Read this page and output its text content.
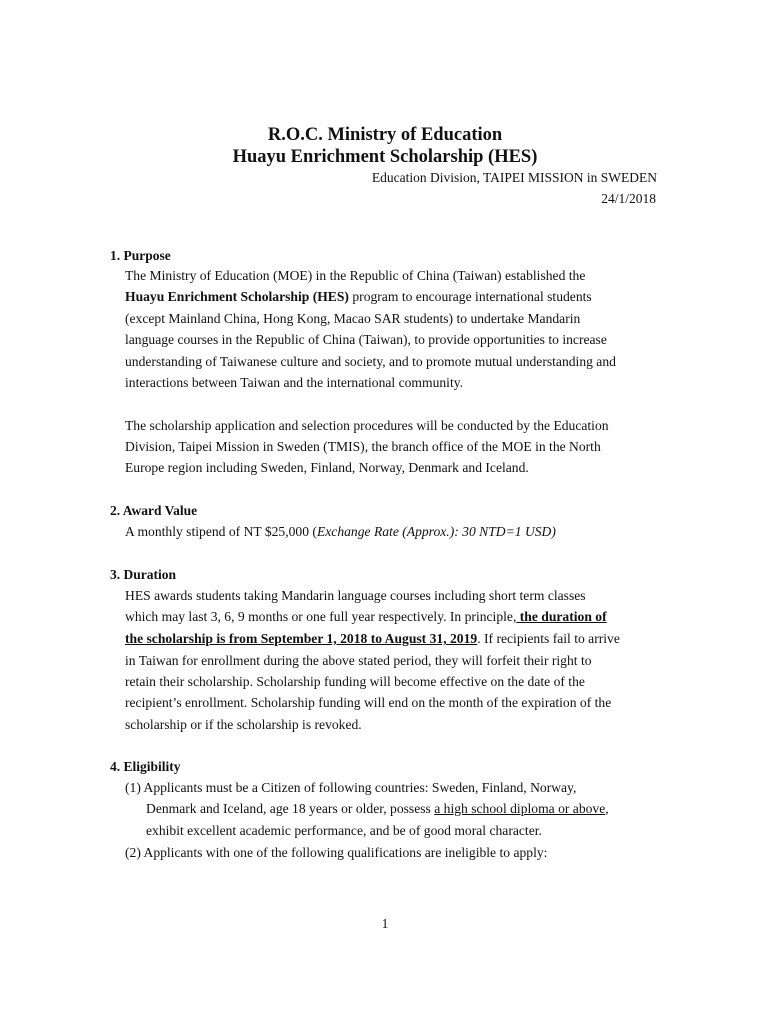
R.O.C. Ministry of Education
Huayu Enrichment Scholarship (HES)
Education Division, TAIPEI MISSION in SWEDEN
24/1/2018
1. Purpose
The Ministry of Education (MOE) in the Republic of China (Taiwan) established the
Huayu Enrichment Scholarship (HES) program to encourage international students
(except Mainland China, Hong Kong, Macao SAR students) to undertake Mandarin
language courses in the Republic of China (Taiwan), to provide opportunities to increase
understanding of Taiwanese culture and society, and to promote mutual understanding and
interactions between Taiwan and the international community.
The scholarship application and selection procedures will be conducted by the Education
Division, Taipei Mission in Sweden (TMIS), the branch office of the MOE in the North
Europe region including Sweden, Finland, Norway, Denmark and Iceland.
2. Award Value
A monthly stipend of NT $25,000 (Exchange Rate (Approx.): 30 NTD=1 USD)
3. Duration
HES awards students taking Mandarin language courses including short term classes
which may last 3, 6, 9 months or one full year respectively. In principle, the duration of
the scholarship is from September 1, 2018 to August 31, 2019. If recipients fail to arrive
in Taiwan for enrollment during the above stated period, they will forfeit their right to
retain their scholarship. Scholarship funding will become effective on the date of the
recipient’s enrollment. Scholarship funding will end on the month of the expiration of the
scholarship or if the scholarship is revoked.
4. Eligibility
(1) Applicants must be a Citizen of following countries: Sweden, Finland, Norway,
Denmark and Iceland, age 18 years or older, possess a high school diploma or above,
exhibit excellent academic performance, and be of good moral character.
(2) Applicants with one of the following qualifications are ineligible to apply:
1
